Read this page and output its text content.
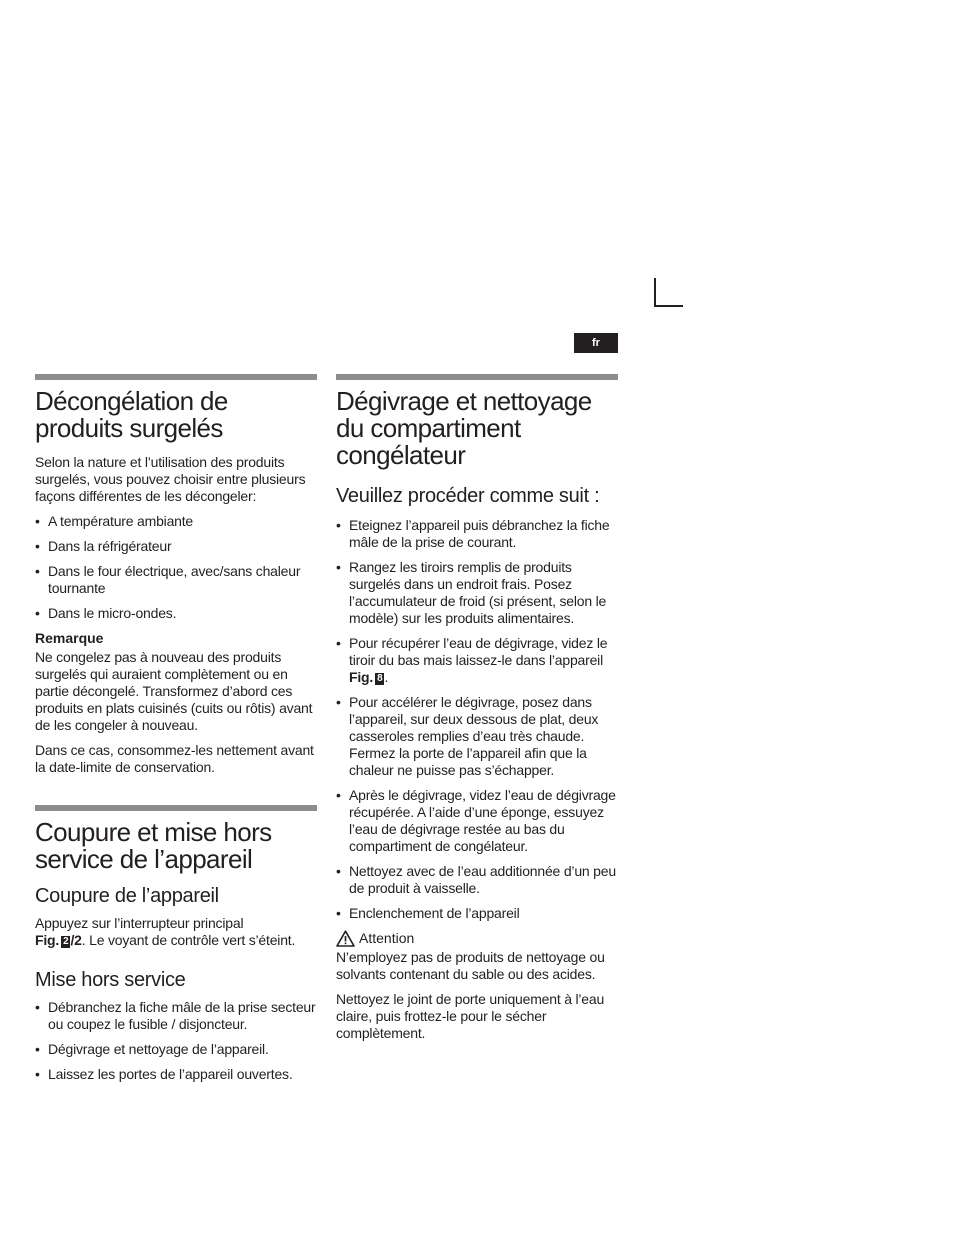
fr
Décongélation de produits surgelés

Selon la nature et l’utilisation des produits surgelés, vous pouvez choisir entre plusieurs façons différentes de les décongeler:

• A température ambiante
• Dans la réfrigérateur
• Dans le four électrique, avec/sans chaleur tournante
• Dans le micro-ondes.
Remarque

Ne congelez pas à nouveau des produits surgelés qui auraient complètement ou en partie décongelé. Transformez d’abord ces produits en plats cuisinés (cuits ou rôtis) avant de les congeler à nouveau.

Dans ce cas, consommez-les nettement avant la date-limite de conservation.

Coupure et mise hors service de l’appareil
Coupure de l’appareil

Appuyez sur l’interrupteur principal
Fig. 2 /2. Le voyant de contrôle vert s’éteint.

Mise hors service
• Débranchez la fiche mâle de la prise secteur ou coupez le fusible / disjoncteur.
• Dégivrage et nettoyage de l’appareil.
• Laissez les portes de l’appareil ouvertes.
Dégivrage et nettoyage du compartiment congélateur
Veuillez procéder comme suit :
• Eteignez l’appareil puis débranchez la fiche mâle de la prise de courant.
• Rangez les tiroirs remplis de produits surgelés dans un endroit frais. Posez l’accumulateur de froid (si présent, selon le modèle) sur les produits alimentaires.
• Pour récupérer l’eau de dégivrage, videz le tiroir du bas mais laissez-le dans l’appareil Fig. 8 .
• Pour accélérer le dégivrage, posez dans l’appareil, sur deux dessous de plat, deux casseroles remplies d’eau très chaude. Fermez la porte de l’appareil afin que la chaleur ne puisse pas s’échapper.
• Après le dégivrage, videz l’eau de dégivrage récupérée. A l’aide d’une éponge, essuyez l’eau de dégivrage restée au bas du compartiment de congélateur.
• Nettoyez avec de l’eau additionnée d’un peu de produit à vaisselle.
• Enclenchement de l’appareil
Attention

N’employez pas de produits de nettoyage ou solvants contenant du sable ou des acides.

Nettoyez le joint de porte uniquement à l’eau claire, puis frottez-le pour le sécher complètement.
